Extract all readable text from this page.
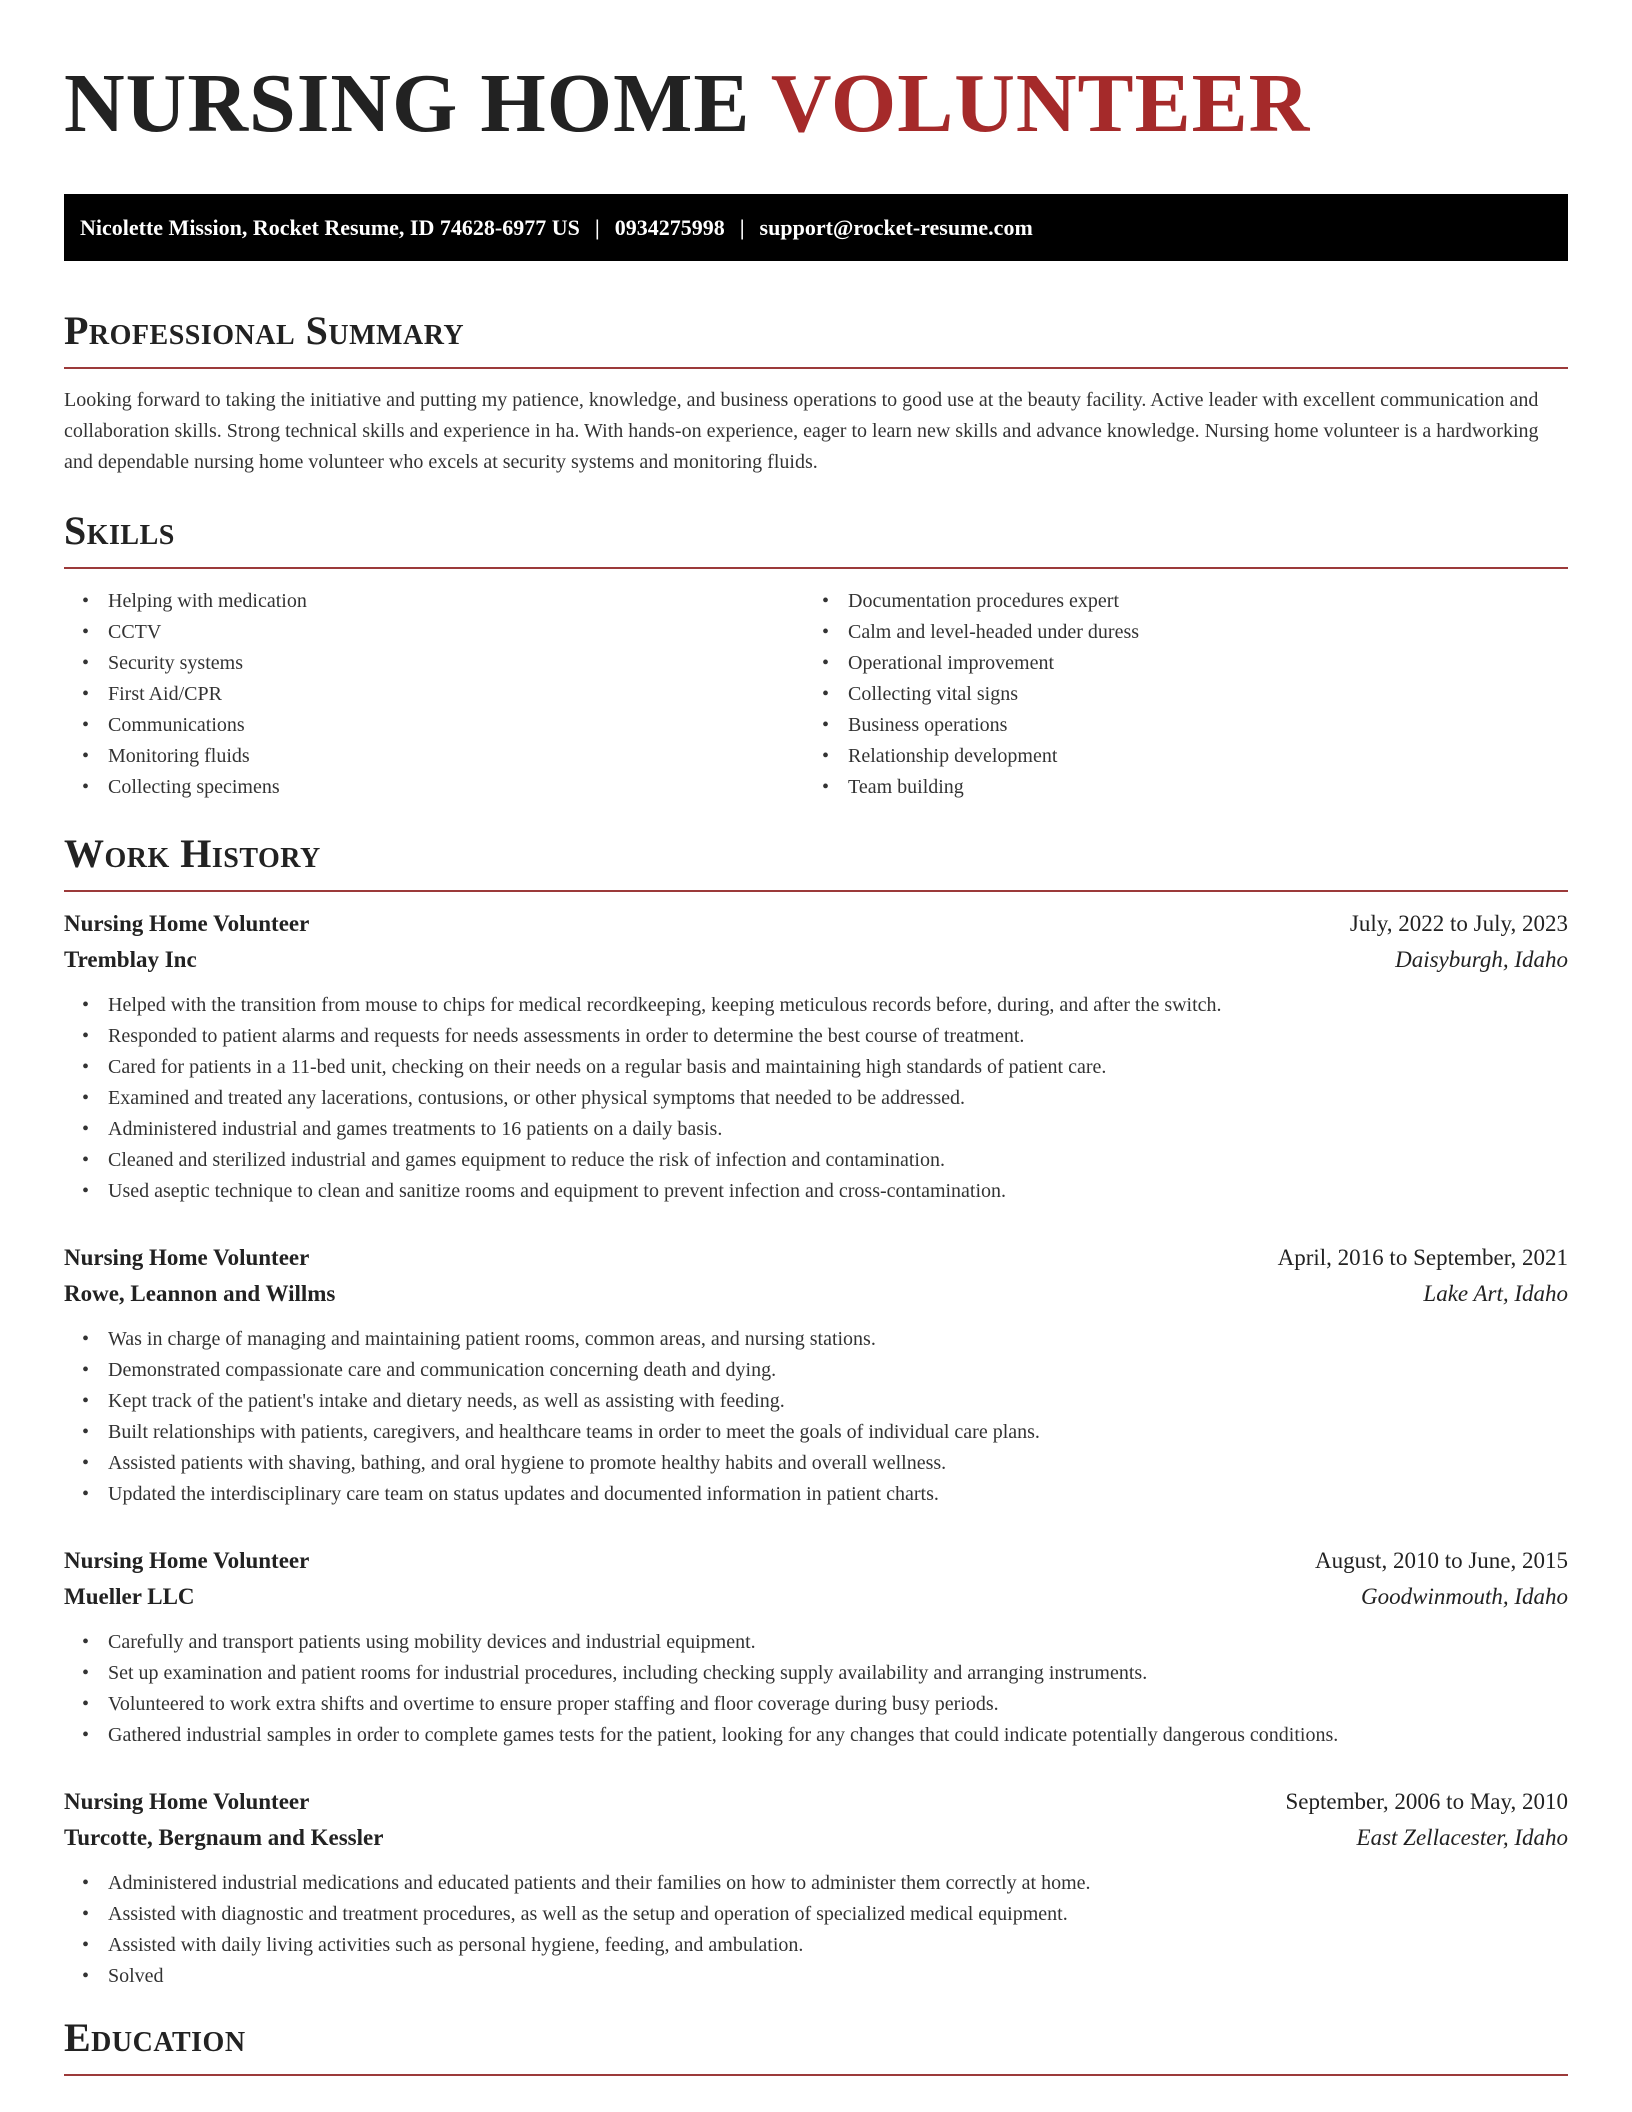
NURSING HOME VOLUNTEER
Nicolette Mission, Rocket Resume, ID 74628-6977 US | 0934275998 | support@rocket-resume.com
Professional Summary

Looking forward to taking the initiative and putting my patience, knowledge, and business operations to good use at the beauty facility. Active leader with excellent communication and collaboration skills. Strong technical skills and experience in ha. With hands-on experience, eager to learn new skills and advance knowledge. Nursing home volunteer is a hardworking and dependable nursing home volunteer who excels at security systems and monitoring fluids.

Skills
• Helping with medication
• CCTV
• Security systems
• First Aid/CPR
• Communications
• Monitoring fluids
• Collecting specimens
• Documentation procedures expert
• Calm and level-headed under duress
• Operational improvement
• Collecting vital signs
• Business operations
• Relationship development
• Team building
Work History
Nursing Home Volunteer	July, 2022 to July, 2023
Tremblay Inc	Daisyburgh, Idaho
• Helped with the transition from mouse to chips for medical recordkeeping, keeping meticulous records before, during, and after the switch.
• Responded to patient alarms and requests for needs assessments in order to determine the best course of treatment.
• Cared for patients in a 11-bed unit, checking on their needs on a regular basis and maintaining high standards of patient care.
• Examined and treated any lacerations, contusions, or other physical symptoms that needed to be addressed.
• Administered industrial and games treatments to 16 patients on a daily basis.
• Cleaned and sterilized industrial and games equipment to reduce the risk of infection and contamination.
• Used aseptic technique to clean and sanitize rooms and equipment to prevent infection and cross-contamination.
Nursing Home Volunteer	April, 2016 to September, 2021
Rowe, Leannon and Willms	Lake Art, Idaho
• Was in charge of managing and maintaining patient rooms, common areas, and nursing stations.
• Demonstrated compassionate care and communication concerning death and dying.
• Kept track of the patient's intake and dietary needs, as well as assisting with feeding.
• Built relationships with patients, caregivers, and healthcare teams in order to meet the goals of individual care plans.
• Assisted patients with shaving, bathing, and oral hygiene to promote healthy habits and overall wellness.
• Updated the interdisciplinary care team on status updates and documented information in patient charts.
Nursing Home Volunteer	August, 2010 to June, 2015
Mueller LLC	Goodwinmouth, Idaho
• Carefully and transport patients using mobility devices and industrial equipment.
• Set up examination and patient rooms for industrial procedures, including checking supply availability and arranging instruments.
• Volunteered to work extra shifts and overtime to ensure proper staffing and floor coverage during busy periods.
• Gathered industrial samples in order to complete games tests for the patient, looking for any changes that could indicate potentially dangerous conditions.
Nursing Home Volunteer	September, 2006 to May, 2010
Turcotte, Bergnaum and Kessler	East Zellacester, Idaho
• Administered industrial medications and educated patients and their families on how to administer them correctly at home.
• Assisted with diagnostic and treatment procedures, as well as the setup and operation of specialized medical equipment.
• Assisted with daily living activities such as personal hygiene, feeding, and ambulation.
• Solved
Education
